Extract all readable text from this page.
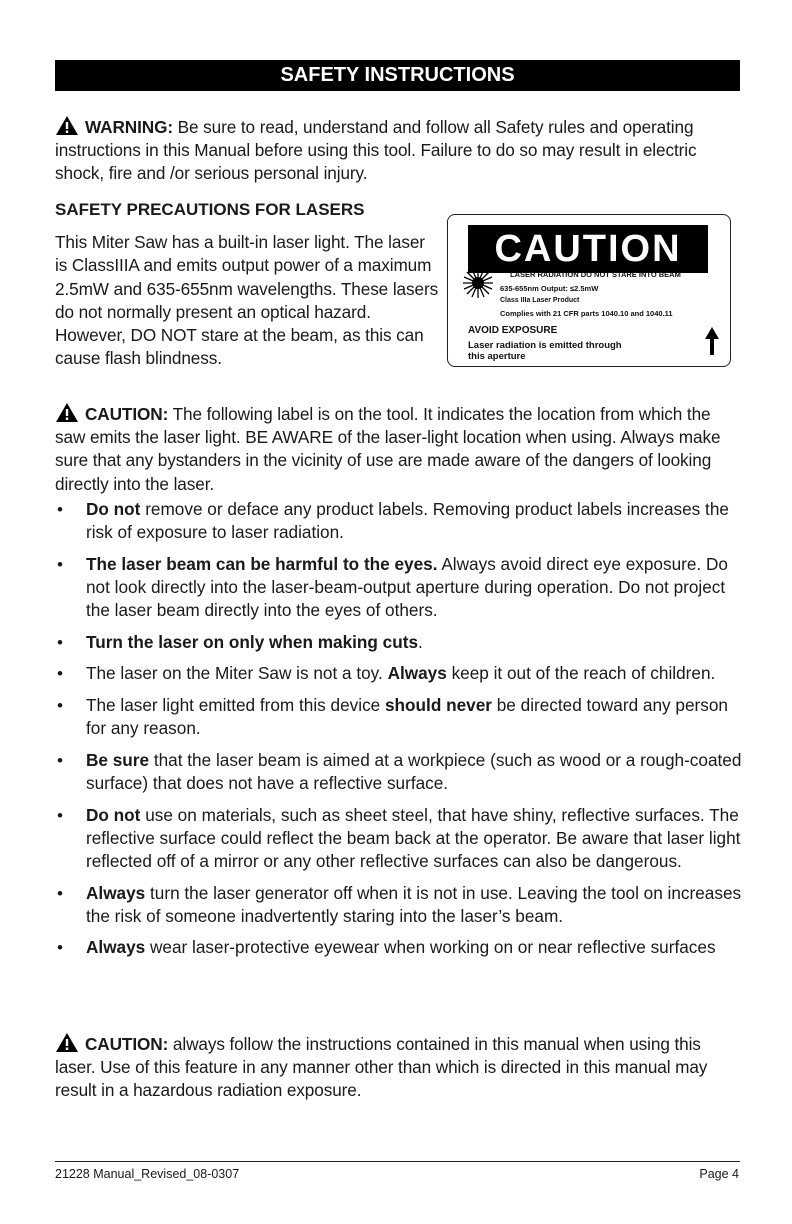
SAFETY INSTRUCTIONS
WARNING: Be sure to read, understand and follow all Safety rules and operating instructions in this Manual before using this tool. Failure to do so may result in electric shock, fire and /or serious personal injury.
SAFETY PRECAUTIONS FOR LASERS
This Miter Saw has a built-in laser light. The laser is ClassIIIA and emits output power of a maximum 2.5mW and 635-655nm wavelengths. These lasers do not normally present an optical hazard. However, DO NOT stare at the beam, as this can cause flash blindness.
CAUTION
LASER RADIATION DO NOT STARE INTO BEAM
635-655nm Output: ≤2.5mW
Class IIIa Laser Product
Complies with 21 CFR parts 1040.10 and 1040.11
AVOID EXPOSURE
Laser radiation is emitted through
this aperture
CAUTION: The following label is on the tool. It indicates the location from which the saw emits the laser light. BE AWARE of the laser-light location when using. Always make sure that any bystanders in the vicinity of use are made aware of the dangers of looking directly into the laser.
• Do not remove or deface any product labels. Removing product labels increases the risk of exposure to laser radiation.
• The laser beam can be harmful to the eyes. Always avoid direct eye exposure. Do not look directly into the laser-beam-output aperture during operation. Do not project the laser beam directly into the eyes of others.
• Turn the laser on only when making cuts.
• The laser on the Miter Saw is not a toy. Always keep it out of the reach of children.
• The laser light emitted from this device should never be directed toward any person for any reason.
• Be sure that the laser beam is aimed at a workpiece (such as wood or a rough-coated surface) that does not have a reflective surface.
• Do not use on materials, such as sheet steel, that have shiny, reflective surfaces. The reflective surface could reflect the beam back at the operator. Be aware that laser light reflected off of a mirror or any other reflective surfaces can also be dangerous.
• Always turn the laser generator off when it is not in use. Leaving the tool on increases the risk of someone inadvertently staring into the laser’s beam.
• Always wear laser-protective eyewear when working on or near reflective surfaces
CAUTION: always follow the instructions contained in this manual when using this laser. Use of this feature in any manner other than which is directed in this manual may result in a hazardous radiation exposure.
21228 Manual_Revised_08-0307	Page 4
